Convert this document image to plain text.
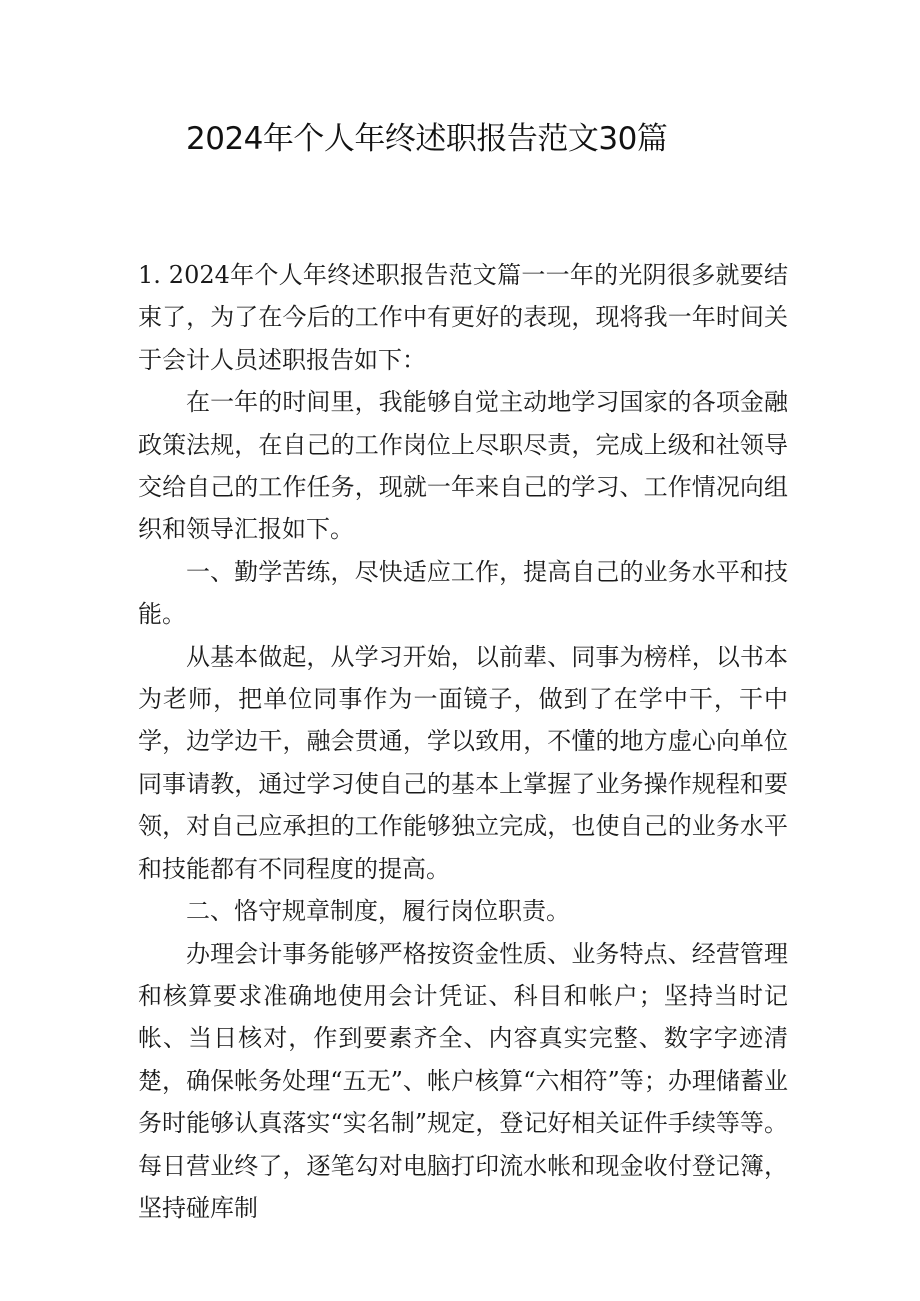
2024年个人年终述职报告范文30篇

1. 2024年个人年终述职报告范文篇一一年的光阴很多就要结束了，为了在今后的工作中有更好的表现，现将我一年时间关于会计人员述职报告如下：

在一年的时间里，我能够自觉主动地学习国家的各项金融政策法规，在自己的工作岗位上尽职尽责，完成上级和社领导交给自己的工作任务，现就一年来自己的学习、工作情况向组织和领导汇报如下。

一、勤学苦练，尽快适应工作，提高自己的业务水平和技能。

从基本做起，从学习开始，以前辈、同事为榜样，以书本为老师，把单位同事作为一面镜子，做到了在学中干，干中学，边学边干，融会贯通，学以致用，不懂的地方虚心向单位同事请教，通过学习使自己的基本上掌握了业务操作规程和要领，对自己应承担的工作能够独立完成，也使自己的业务水平和技能都有不同程度的提高。

二、恪守规章制度，履行岗位职责。

办理会计事务能够严格按资金性质、业务特点、经营管理和核算要求准确地使用会计凭证、科目和帐户；坚持当时记帐、当日核对，作到要素齐全、内容真实完整、数字字迹清楚，确保帐务处理“五无”、帐户核算“六相符”等；办理储蓄业务时能够认真落实“实名制”规定，登记好相关证件手续等等。每日营业终了，逐笔勾对电脑打印流水帐和现金收付登记簿，坚持碰库制
